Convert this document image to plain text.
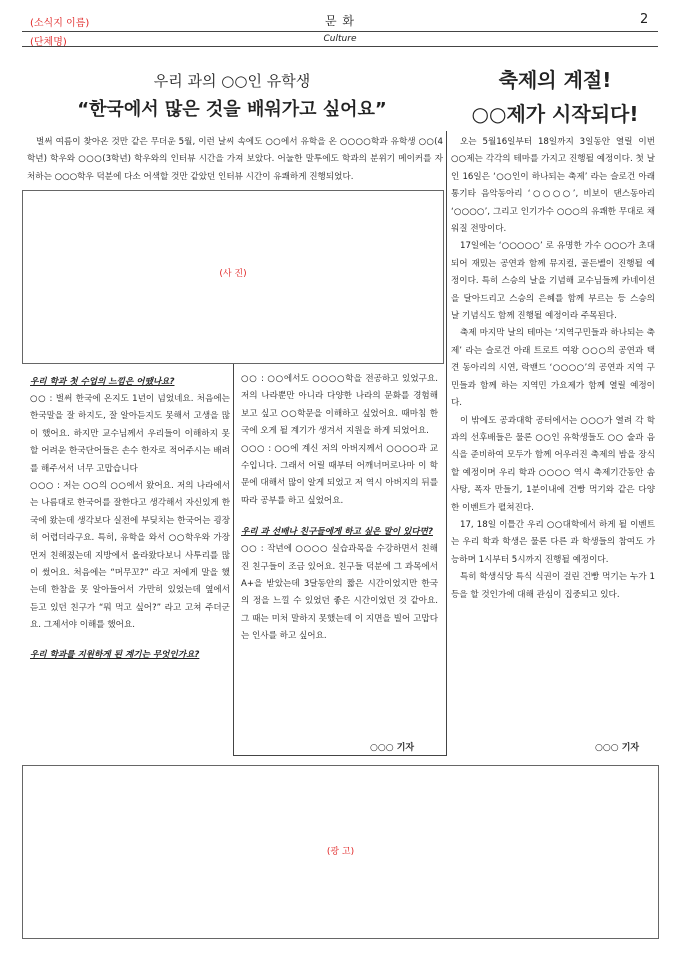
(소식지 이름)	문 화	2
(단체명)	Culture
우리 과의 ○○인 유학생
“한국에서 많은 것을 배워가고 싶어요”

벌써 여름이 찾아온 것만 같은 무더운 5월, 이런 날씨 속에도 ○○에서 유학을 온 ○○○○학과 유학생 ○○(4학년) 학우와 ○○○(3학년) 학우와의 인터뷰 시간을 가져 보았다. 어눌한 말투에도 학과의 분위기 메이커를 자처하는 ○○○학우 덕분에 다소 어색할 것만 같았던 인터뷰 시간이 유쾌하게 진행되었다.

(사 진)
우리 학과 첫 수업의 느낌은 어땠나요?
○○ : 벌써 한국에 온지도 1년이 넘었네요. 처음에는 한국말을 잘 하지도, 잘 알아듣지도 못해서 고생을 많이 했어요. 하지만 교수님께서 우리들이 이해하지 못할 어려운 한국단어들은 손수 한자로 적어주시는 배려를 해주셔서 너무 고맙습니다
○○○ : 저는 ○○의 ○○에서 왔어요. 저의 나라에서는 나름대로 한국어를 잘한다고 생각해서 자신있게 한국에 왔는데 생각보다 실전에 부딪치는 한국어는 굉장히 어렵더라구요. 특히, 유학을 와서 ○○학우와 가장 먼저 친해졌는데 지방에서 올라왔다보니 사투리를 많이 썼어요. 처음에는 “머무꼬?” 라고 저에게 말을 했는데 한참을 못 알아들어서 가만히 있었는데 옆에서 듣고 있던 친구가 “뭐 먹고 싶어?” 라고 고쳐 주더군요. 그제서야 이해를 했어요.
우리 학과를 지원하게 된 계기는 무엇인가요?
○○ : ○○에서도 ○○○○학을 전공하고 있었구요. 저의 나라뿐만 아니라 다양한 나라의 문화를 경험해보고 싶고 ○○학문을 이해하고 싶었어요. 때마침 한국에 오게 될 계기가 생겨서 지원을 하게 되었어요.
○○○ : ○○에 계신 저의 아버지께서 ○○○○과 교수입니다. 그래서 어릴 때부터 어깨너머로나마 이 학문에 대해서 많이 알게 되었고 저 역시 아버지의 뒤를 따라 공부를 하고 싶었어요.
우리 과 선배나 친구들에게 하고 싶은 말이 있다면?
○○ : 작년에 ○○○○ 실습과목을 수강하면서 친해진 친구들이 조금 있어요. 친구들 덕분에 그 과목에서 A+을 받았는데 3달동안의 짧은 시간이었지만 한국의 정을 느낄 수 있었던 좋은 시간이었던 것 같아요. 그 때는 미처 말하지 못했는데 이 지면을 빌어 고맙다는 인사를 하고 싶어요.
○○○ 기자
축제의 계절!
○○제가 시작되다!

오는 5월16일부터 18일까지 3일동안 열릴 이번 ○○제는 각각의 테마를 가지고 진행될 예정이다. 첫 날인 16일은 ‘○○인이 하나되는 축제’ 라는 슬로건 아래 통기타 음악동아리 ‘○○○○’, 비보이 댄스동아리 ‘○○○○’, 그리고 인기가수 ○○○의 유쾌한 무대로 채워질 전망이다.

17일에는 ‘○○○○○’ 로 유명한 가수 ○○○가 초대되어 재밌는 공연과 함께 뮤지컬, 골든벨이 진행될 예정이다. 특히 스승의 날을 기념해 교수님들께 카네이션을 달아드리고 스승의 은혜를 함께 부르는 등 스승의 날 기념식도 함께 진행될 예정이라 주목된다.

축제 마지막 날의 테마는 ‘지역구민들과 하나되는 축제’ 라는 슬로건 아래 트로트 여왕 ○○○의 공연과 택견 동아리의 시연, 락밴드 ‘○○○○’의 공연과 지역 구민들과 함께 하는 지역민 가요제가 함께 열릴 예정이다.

이 밖에도 공과대학 공터에서는 ○○○가 열려 각 학과의 선후배들은 물론 ○○인 유학생들도 ○○ 술과 음식을 준비하여 모두가 함께 어우러진 축제의 밤을 장식할 예정이며 우리 학과 ○○○○ 역시 축제기간동안 솜사탕, 폭자 만들기, 1분이내에 건빵 먹기와 같은 다양한 이벤트가 펼쳐진다.

17, 18일 이틀간 우리 ○○대학에서 하게 될 이벤트는 우리 학과 학생은 물론 다른 과 학생들의 참여도 가능하며 1시부터 5시까지 진행될 예정이다.

특히 학생식당 특식 식권이 걸린 건빵 먹기는 누가 1등을 할 것인가에 대해 관심이 집중되고 있다.

○○○ 기자
(광 고)
